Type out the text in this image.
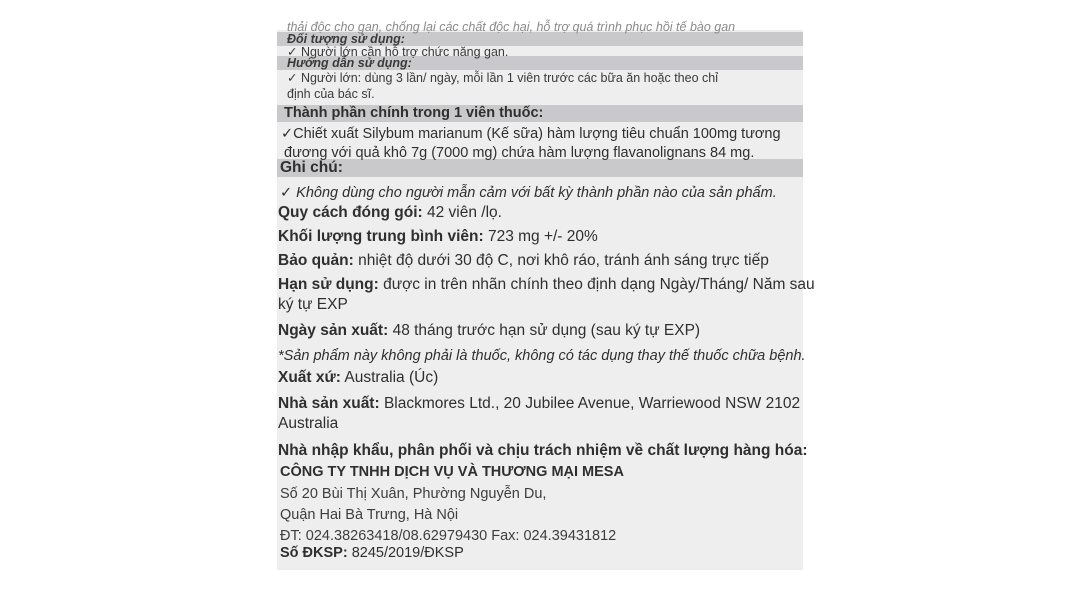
thải độc cho gan, chống lại các chất độc hại, hỗ trợ quá trình phục hồi tế bào gan
Đối tượng sử dụng:
✓ Người lớn cần hỗ trợ chức năng gan.
Hướng dẫn sử dụng:
✓ Người lớn: dùng 3 lần/ ngày, mỗi lần 1 viên trước các bữa ăn hoặc theo chỉ
định của bác sĩ.
Thành phần chính trong 1 viên thuốc:
✓Chiết xuất Silybum marianum (Kế sữa) hàm lượng tiêu chuẩn 100mg tương
đương với quả khô 7g (7000 mg) chứa hàm lượng flavanolignans 84 mg.
Ghi chú:
✓ Không dùng cho người mẫn cảm với bất kỳ thành phần nào của sản phẩm.
Quy cách đóng gói: 42 viên /lọ.
Khối lượng trung bình viên: 723 mg +/- 20%
Bảo quản: nhiệt độ dưới 30 độ C, nơi khô ráo, tránh ánh sáng trực tiếp
Hạn sử dụng: được in trên nhãn chính theo định dạng Ngày/Tháng/ Năm sau
ký tự EXP
Ngày sản xuất: 48 tháng trước hạn sử dụng (sau ký tự EXP)
*Sản phẩm này không phải là thuốc, không có tác dụng thay thế thuốc chữa bệnh.
Xuất xứ: Australia (Úc)
Nhà sản xuất: Blackmores Ltd., 20 Jubilee Avenue, Warriewood NSW 2102
Australia
Nhà nhập khẩu, phân phối và chịu trách nhiệm về chất lượng hàng hóa:
CÔNG TY TNHH DỊCH VỤ VÀ THƯƠNG MẠI MESA
Số 20 Bùi Thị Xuân, Phường Nguyễn Du,
Quận Hai Bà Trưng, Hà Nội
ĐT: 024.38263418/08.62979430 Fax: 024.39431812
Số ĐKSP: 8245/2019/ĐKSP
